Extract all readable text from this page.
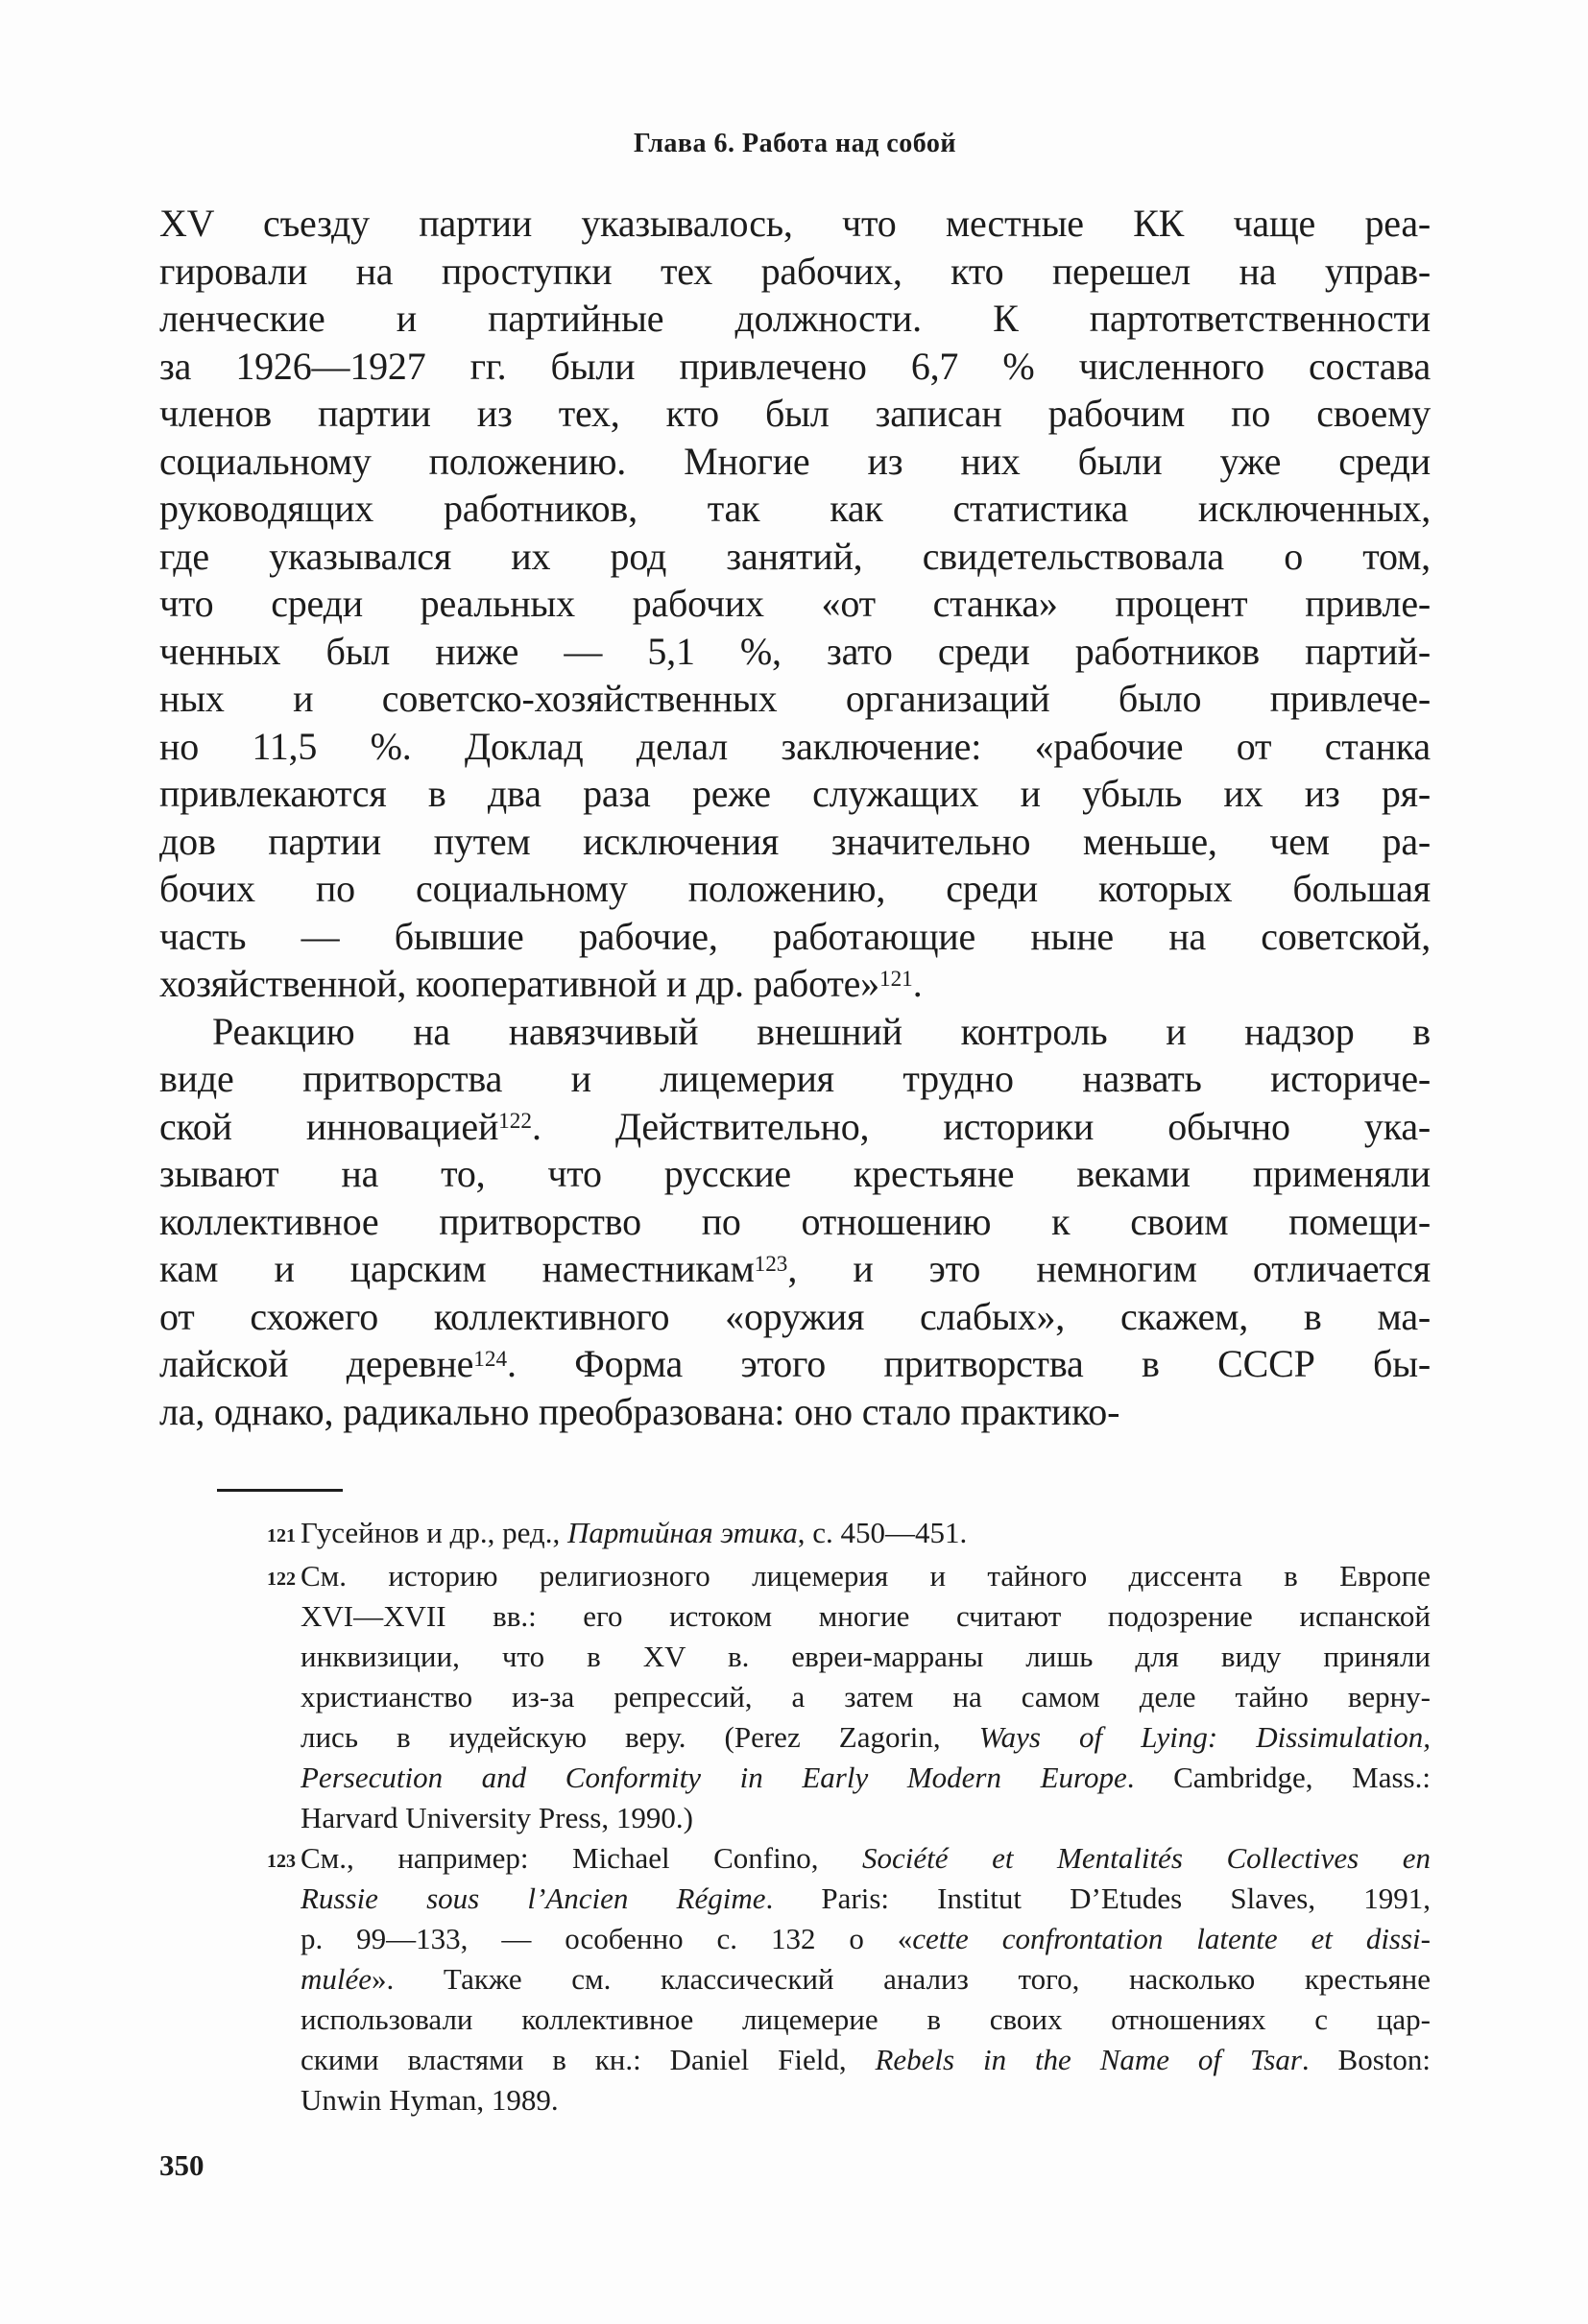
Глава 6. Работа над собой
XV съезду партии указывалось, что местные КК чаще реа-
гировали на проступки тех рабочих, кто перешел на управ-
ленческие и партийные должности. К партответственности
за 1926—1927 гг. были привлечено 6,7 % численного состава
членов партии из тех, кто был записан рабочим по своему
социальному положению. Многие из них были уже среди
руководящих работников, так как статистика исключенных,
где указывался их род занятий, свидетельствовала о том,
что среди реальных рабочих «от станка» процент привле-
ченных был ниже — 5,1 %, зато среди работников партий-
ных и советско-хозяйственных организаций было привлече-
но 11,5 %. Доклад делал заключение: «рабочие от станка
привлекаются в два раза реже служащих и убыль их из ря-
дов партии путем исключения значительно меньше, чем ра-
бочих по социальному положению, среди которых большая
часть — бывшие рабочие, работающие ныне на советской,
хозяйственной, кооперативной и др. работе»$^{121}$.
Реакцию на навязчивый внешний контроль и надзор в
виде притворства и лицемерия трудно назвать историче-
ской инновацией$^{122}$. Действительно, историки обычно ука-
зывают на то, что русские крестьяне веками применяли
коллективное притворство по отношению к своим помещи-
кам и царским наместникам$^{123}$, и это немногим отличается
от схожего коллективного «оружия слабых», скажем, в ма-
лайской деревне$^{124}$. Форма этого притворства в СССР бы-
ла, однако, радикально преобразована: оно стало практико-
121 Гусейнов и др., ред., Партийная этика, с. 450—451.
122 См. историю религиозного лицемерия и тайного диссента в Европе
XVI—XVII вв.: его истоком многие считают подозрение испанской
инквизиции, что в XV в. евреи-марраны лишь для виду приняли
христианство из-за репрессий, а затем на самом деле тайно верну-
лись в иудейскую веру. (Perez Zagorin, Ways of Lying: Dissimulation,
Persecution and Conformity in Early Modern Europe. Cambridge, Mass.:
Harvard University Press, 1990.)
123 См., например: Michael Confino, Société et Mentalités Collectives en
Russie sous l’Ancien Régime. Paris: Institut D’Etudes Slaves, 1991,
p. 99—133, — особенно с. 132 о «cette confrontation latente et dissi-
mulée». Также см. классический анализ того, насколько крестьяне
использовали коллективное лицемерие в своих отношениях с цар-
скими властями в кн.: Daniel Field, Rebels in the Name of Tsar. Boston:
Unwin Hyman, 1989.
350
